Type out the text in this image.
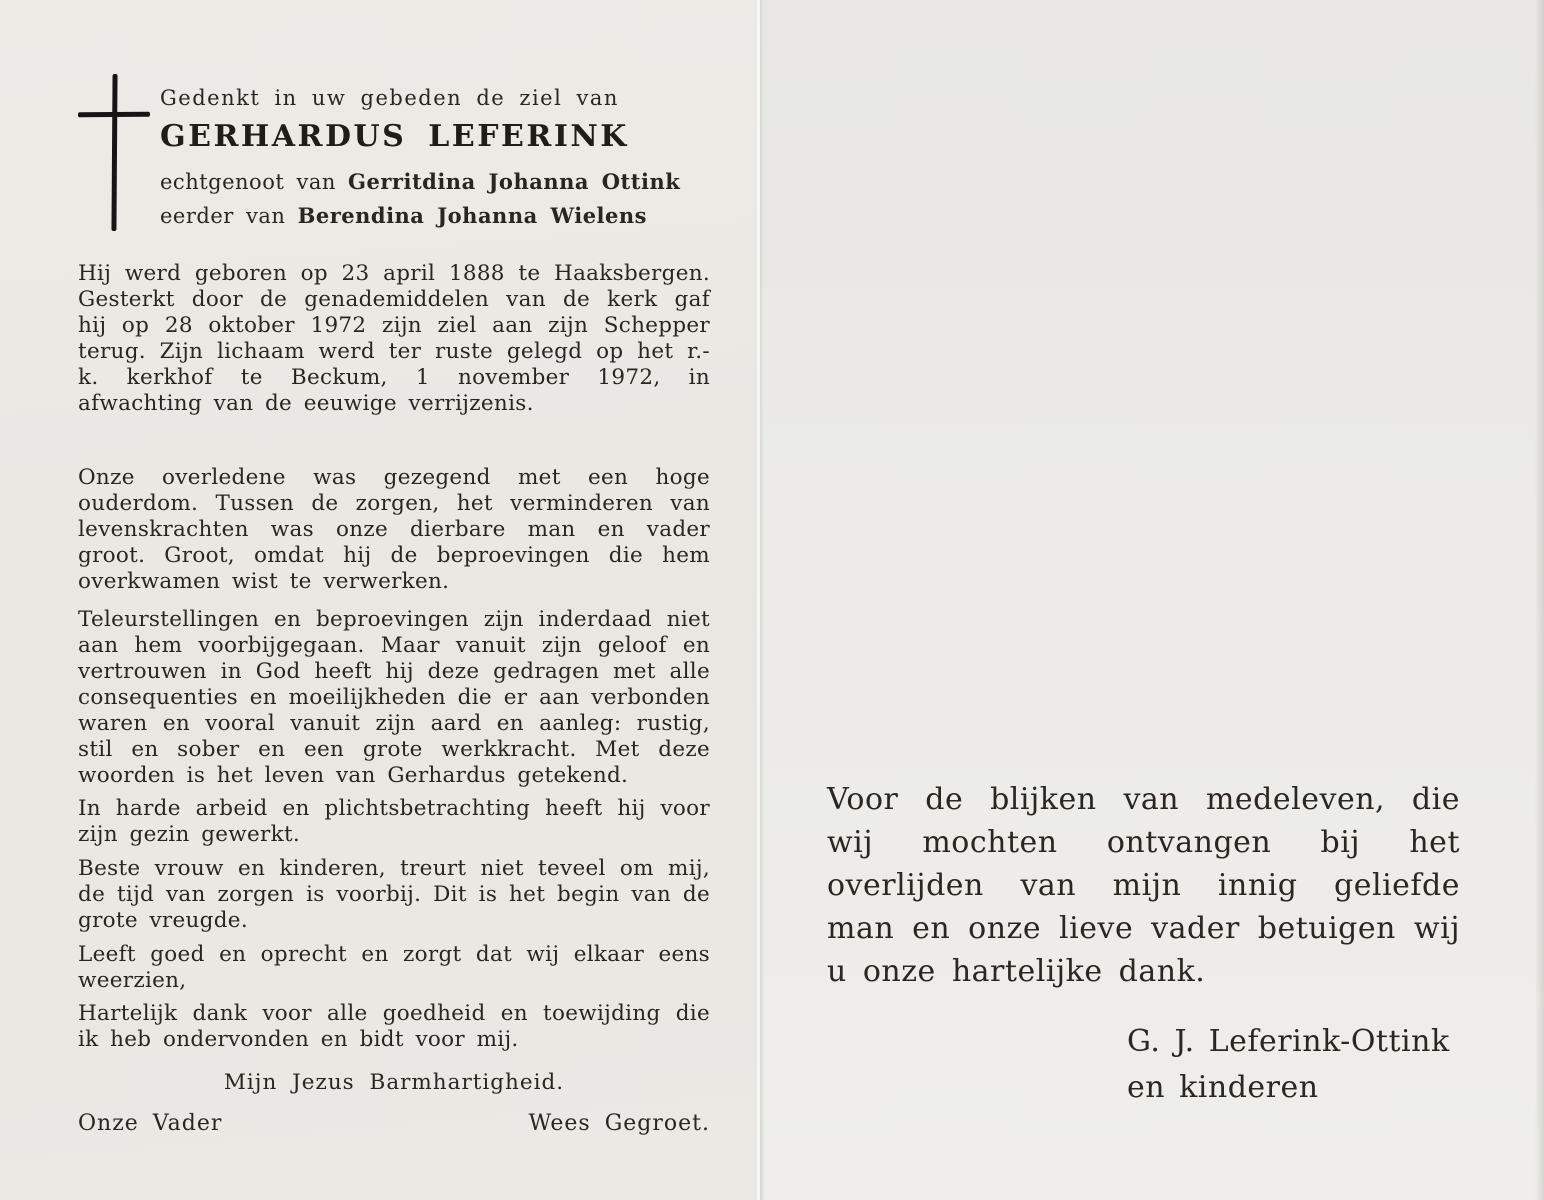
Gedenkt in uw gebeden de ziel van
GERHARDUS LEFERINK
echtgenoot van Gerritdina Johanna Ottink
eerder van Berendina Johanna Wielens

Hij werd geboren op 23 april 1888 te Haaksbergen. Gesterkt door de genademiddelen van de kerk gaf hij op 28 oktober 1972 zijn ziel aan zijn Schepper terug. Zijn lichaam werd ter ruste gelegd op het r.-k. kerkhof te Beckum, 1 november 1972, in afwachting van de eeuwige verrijzenis.

Onze overledene was gezegend met een hoge ouderdom. Tussen de zorgen, het verminderen van levenskrachten was onze dierbare man en vader groot. Groot, omdat hij de beproevingen die hem overkwamen wist te verwerken.

Teleurstellingen en beproevingen zijn inderdaad niet aan hem voorbijgegaan. Maar vanuit zijn geloof en vertrouwen in God heeft hij deze gedragen met alle consequenties en moeilijkheden die er aan verbonden waren en vooral vanuit zijn aard en aanleg: rustig, stil en sober en een grote werkkracht. Met deze woorden is het leven van Gerhardus getekend.

In harde arbeid en plichtsbetrachting heeft hij voor zijn gezin gewerkt.

Beste vrouw en kinderen, treurt niet teveel om mij, de tijd van zorgen is voorbij. Dit is het begin van de grote vreugde.

Leeft goed en oprecht en zorgt dat wij elkaar eens weerzien,

Hartelijk dank voor alle goedheid en toewijding die ik heb ondervonden en bidt voor mij.

Mijn Jezus Barmhartigheid.
Onze Vader	Wees Gegroet.

Voor de blijken van medeleven, die wij mochten ontvangen bij het overlijden van mijn innig geliefde man en onze lieve vader betuigen wij u onze hartelijke dank.

G. J. Leferink-Ottink
en kinderen
